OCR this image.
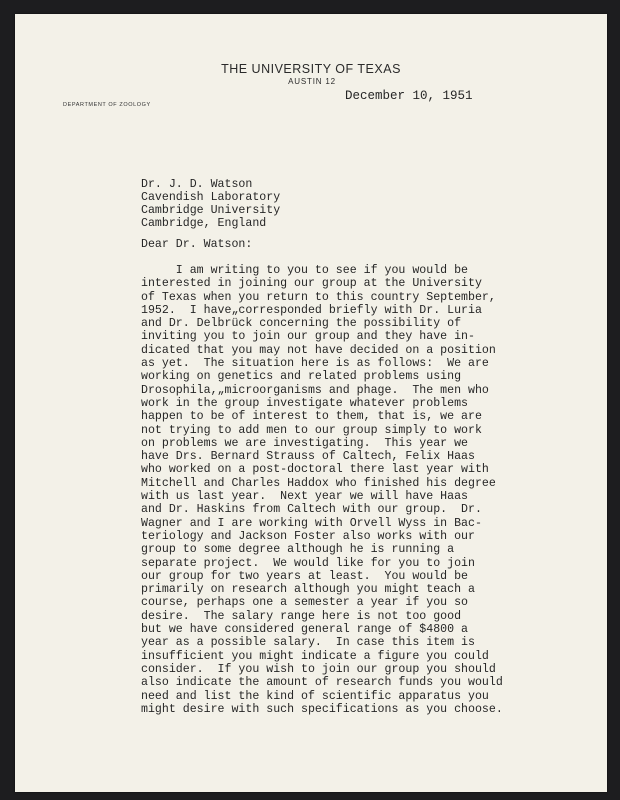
THE UNIVERSITY OF TEXAS
AUSTIN 12
DEPARTMENT OF ZOOLOGY
December 10, 1951
Dr. J. D. Watson
Cavendish Laboratory
Cambridge University
Cambridge, England
Dear Dr. Watson:
I am writing to you to see if you would be
interested in joining our group at the University
of Texas when you return to this country September,
1952.  I have„corresponded briefly with Dr. Luria
and Dr. Delbrück concerning the possibility of
inviting you to join our group and they have in-
dicated that you may not have decided on a position
as yet.  The situation here is as follows:  We are
working on genetics and related problems using
Drosophila,„microorganisms and phage.  The men who
work in the group investigate whatever problems
happen to be of interest to them, that is, we are
not trying to add men to our group simply to work
on problems we are investigating.  This year we
have Drs. Bernard Strauss of Caltech, Felix Haas
who worked on a post-doctoral there last year with
Mitchell and Charles Haddox who finished his degree
with us last year.  Next year we will have Haas
and Dr. Haskins from Caltech with our group.  Dr.
Wagner and I are working with Orvell Wyss in Bac-
teriology and Jackson Foster also works with our
group to some degree although he is running a
separate project.  We would like for you to join
our group for two years at least.  You would be
primarily on research although you might teach a
course, perhaps one a semester a year if you so
desire.  The salary range here is not too good
but we have considered general range of $4800 a
year as a possible salary.  In case this item is
insufficient you might indicate a figure you could
consider.  If you wish to join our group you should
also indicate the amount of research funds you would
need and list the kind of scientific apparatus you
might desire with such specifications as you choose.
